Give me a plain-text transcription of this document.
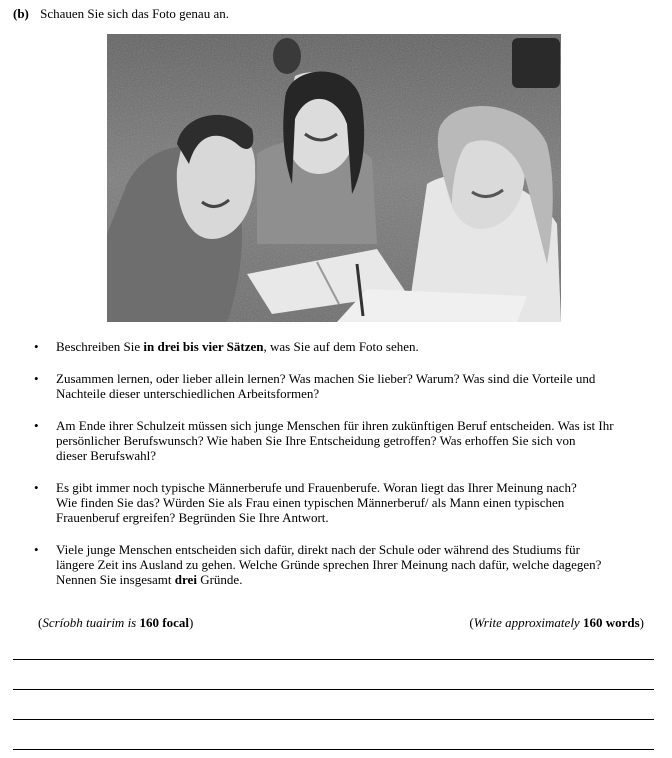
(b) Schauen Sie sich das Foto genau an.
• Beschreiben Sie in drei bis vier Sätzen, was Sie auf dem Foto sehen.
• Zusammen lernen, oder lieber allein lernen? Was machen Sie lieber? Warum? Was sind die Vorteile und
Nachteile dieser unterschiedlichen Arbeitsformen?
• Am Ende ihrer Schulzeit müssen sich junge Menschen für ihren zukünftigen Beruf entscheiden. Was ist Ihr
persönlicher Berufswunsch? Wie haben Sie Ihre Entscheidung getroffen? Was erhoffen Sie sich von
dieser Berufswahl?
• Es gibt immer noch typische Männerberufe und Frauenberufe. Woran liegt das Ihrer Meinung nach?
Wie finden Sie das? Würden Sie als Frau einen typischen Männerberuf/ als Mann einen typischen
Frauenberuf ergreifen? Begründen Sie Ihre Antwort.
• Viele junge Menschen entscheiden sich dafür, direkt nach der Schule oder während des Studiums für
längere Zeit ins Ausland zu gehen. Welche Gründe sprechen Ihrer Meinung nach dafür, welche dagegen?
Nennen Sie insgesamt drei Gründe.
(Scríobh tuairim is 160 focal)	(Write approximately 160 words)
